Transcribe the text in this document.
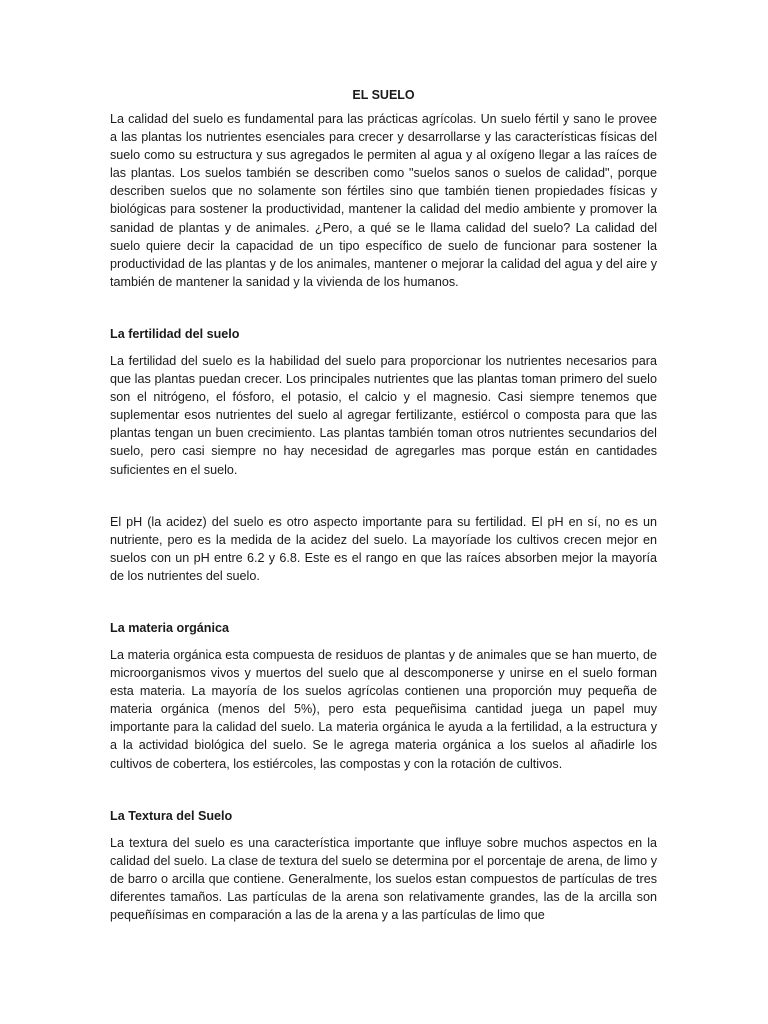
EL SUELO

La calidad del suelo es fundamental para las prácticas agrícolas. Un suelo fértil y sano le provee a las plantas los nutrientes esenciales para crecer y desarrollarse y las características físicas del suelo como su estructura y sus agregados le permiten al agua y al oxígeno llegar a las raíces de las plantas. Los suelos también se describen como "suelos sanos o suelos de calidad", porque describen suelos que no solamente son fértiles sino que también tienen propiedades físicas y biológicas para sostener la productividad, mantener la calidad del medio ambiente y promover la sanidad de plantas y de animales. ¿Pero, a qué se le llama calidad del suelo? La calidad del suelo quiere decir la capacidad de un tipo específico de suelo de funcionar para sostener la productividad de las plantas y de los animales, mantener o mejorar la calidad del agua y del aire y también de mantener la sanidad y la vivienda de los humanos.

La fertilidad del suelo

La fertilidad del suelo es la habilidad del suelo para proporcionar los nutrientes necesarios para que las plantas puedan crecer. Los principales nutrientes que las plantas toman primero del suelo son el nitrógeno, el fósforo, el potasio, el calcio y el magnesio. Casi siempre tenemos que suplementar esos nutrientes del suelo al agregar fertilizante, estiércol o composta para que las plantas tengan un buen crecimiento. Las plantas también toman otros nutrientes secundarios del suelo, pero casi siempre no hay necesidad de agregarles mas porque están en cantidades suficientes en el suelo.

El pH (la acidez) del suelo es otro aspecto importante para su fertilidad. El pH en sí, no es un nutriente, pero es la medida de la acidez del suelo. La mayoríade los cultivos crecen mejor en suelos con un pH entre 6.2 y 6.8. Este es el rango en que las raíces absorben mejor la mayoría de los nutrientes del suelo.

La materia orgánica

La materia orgánica esta compuesta de residuos de plantas y de animales que se han muerto, de microorganismos vivos y muertos del suelo que al descomponerse y unirse en el suelo forman esta materia. La mayoría de los suelos agrícolas contienen una proporción muy pequeña de materia orgánica (menos del 5%), pero esta pequeñisima cantidad juega un papel muy importante para la calidad del suelo. La materia orgánica le ayuda a la fertilidad, a la estructura y a la actividad biológica del suelo. Se le agrega materia orgánica a los suelos al añadirle los cultivos de cobertera, los estiércoles, las compostas y con la rotación de cultivos.

La Textura del Suelo

La textura del suelo es una característica importante que influye sobre muchos aspectos en la calidad del suelo. La clase de textura del suelo se determina por el porcentaje de arena, de limo y de barro o arcilla que contiene. Generalmente, los suelos estan compuestos de partículas de tres diferentes tamaños. Las partículas de la arena son relativamente grandes, las de la arcilla son pequeñísimas en comparación a las de la arena y a las partículas de limo que
